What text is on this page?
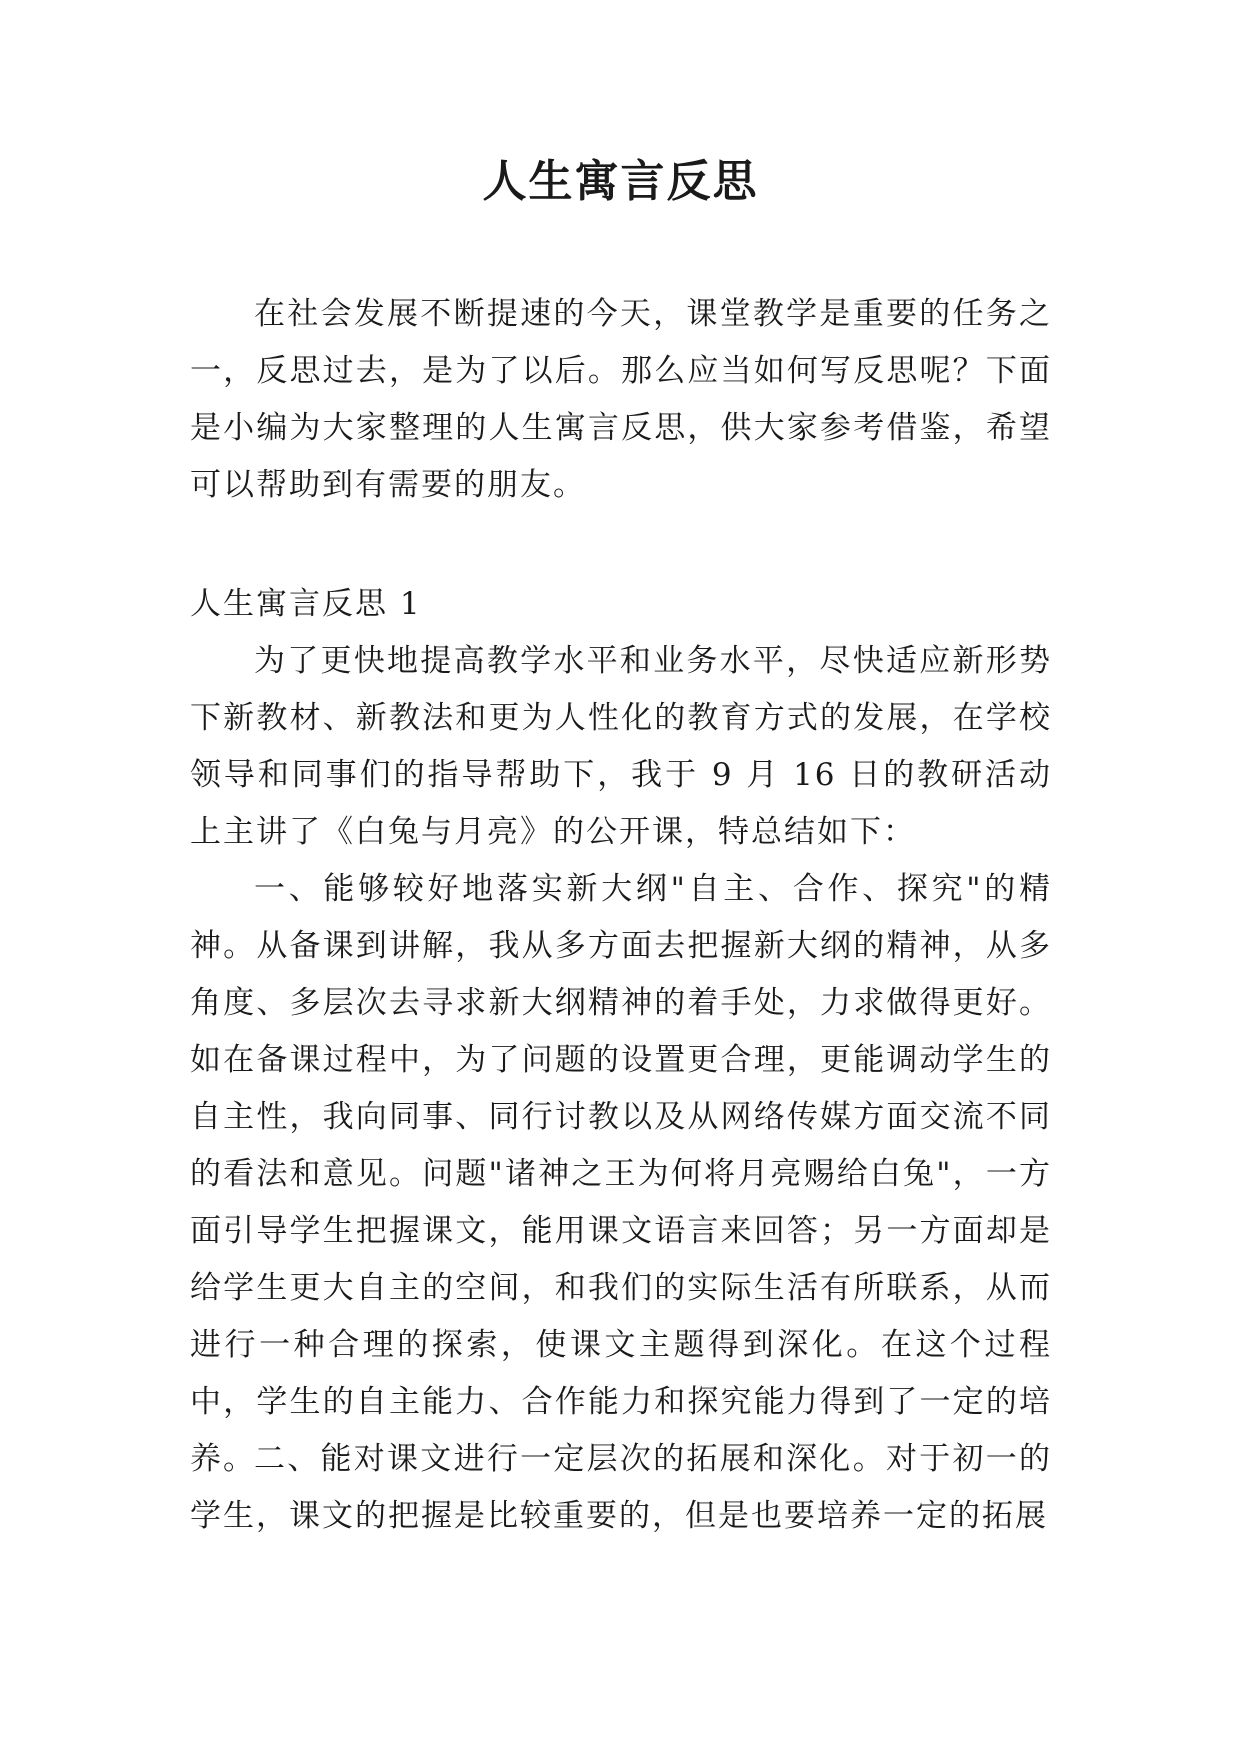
人生寓言反思

在社会发展不断提速的今天，课堂教学是重要的任务之一，反思过去，是为了以后。那么应当如何写反思呢？下面是小编为大家整理的人生寓言反思，供大家参考借鉴，希望可以帮助到有需要的朋友。

人生寓言反思 1

为了更快地提高教学水平和业务水平，尽快适应新形势下新教材、新教法和更为人性化的教育方式的发展，在学校领导和同事们的指导帮助下，我于 9 月 16 日的教研活动上主讲了《白兔与月亮》的公开课，特总结如下：

一、能够较好地落实新大纲"自主、合作、探究"的精神。从备课到讲解，我从多方面去把握新大纲的精神，从多角度、多层次去寻求新大纲精神的着手处，力求做得更好。如在备课过程中，为了问题的设置更合理，更能调动学生的自主性，我向同事、同行讨教以及从网络传媒方面交流不同的看法和意见。问题"诸神之王为何将月亮赐给白兔"，一方面引导学生把握课文，能用课文语言来回答；另一方面却是给学生更大自主的空间，和我们的实际生活有所联系，从而进行一种合理的探索，使课文主题得到深化。在这个过程中，学生的自主能力、合作能力和探究能力得到了一定的培养。

二、能对课文进行一定层次的拓展和深化。对于初一的学生，课文的把握是比较重要的，但是也要培养一定的拓展
